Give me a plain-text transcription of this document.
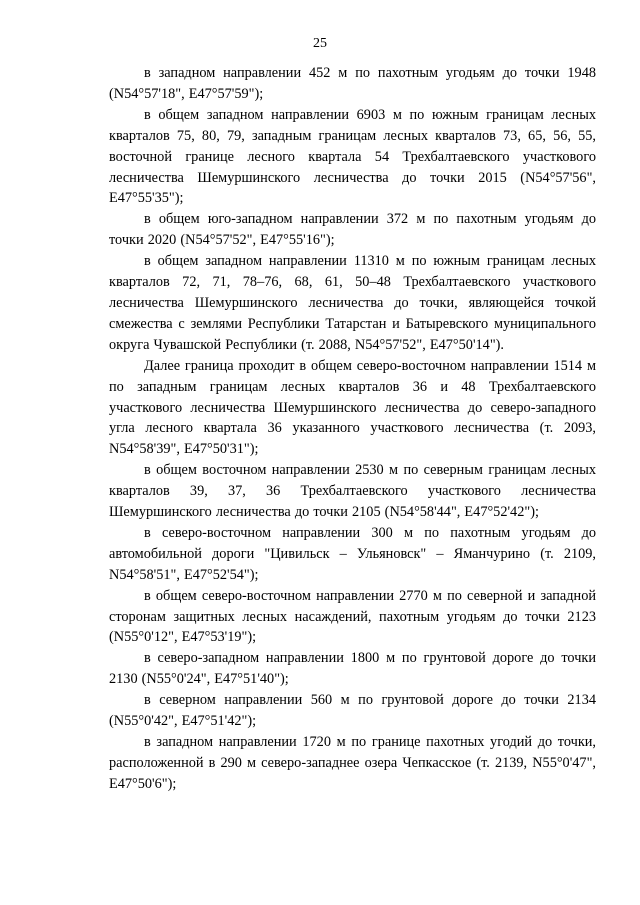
25

в западном направлении 452 м по пахотным угодьям до точки 1948 (N54°57'18", E47°57'59");

в общем западном направлении 6903 м по южным границам лесных кварталов 75, 80, 79, западным границам лесных кварталов 73, 65, 56, 55, восточной границе лесного квартала 54 Трехбалтаевского участкового лесничества Шемуршинского лесничества до точки 2015 (N54°57'56", E47°55'35");

в общем юго-западном направлении 372 м по пахотным угодьям до точки 2020 (N54°57'52", E47°55'16");

в общем западном направлении 11310 м по южным границам лесных кварталов 72, 71, 78–76, 68, 61, 50–48 Трехбалтаевского участкового лесничества Шемуршинского лесничества до точки, являющейся точкой смежества с землями Республики Татарстан и Батыревского муниципального округа Чувашской Республики (т. 2088, N54°57'52", E47°50'14").

Далее граница проходит в общем северо-восточном направлении 1514 м по западным границам лесных кварталов 36 и 48 Трехбалтаевского участкового лесничества Шемуршинского лесничества до северо-западного угла лесного квартала 36 указанного участкового лесничества (т. 2093, N54°58'39", E47°50'31");

в общем восточном направлении 2530 м по северным границам лесных кварталов 39, 37, 36 Трехбалтаевского участкового лесничества Шемуршинского лесничества до точки 2105 (N54°58'44", E47°52'42");

в северо-восточном направлении 300 м по пахотным угодьям до автомобильной дороги "Цивильск – Ульяновск" – Яманчурино (т. 2109, N54°58'51", E47°52'54");

в общем северо-восточном направлении 2770 м по северной и западной сторонам защитных лесных насаждений, пахотным угодьям до точки 2123 (N55°0'12", E47°53'19");

в северо-западном направлении 1800 м по грунтовой дороге до точки 2130 (N55°0'24", E47°51'40");

в северном направлении 560 м по грунтовой дороге до точки 2134 (N55°0'42", E47°51'42");

в западном направлении 1720 м по границе пахотных угодий до точки, расположенной в 290 м северо-западнее озера Чепкасское (т. 2139, N55°0'47", E47°50'6");
